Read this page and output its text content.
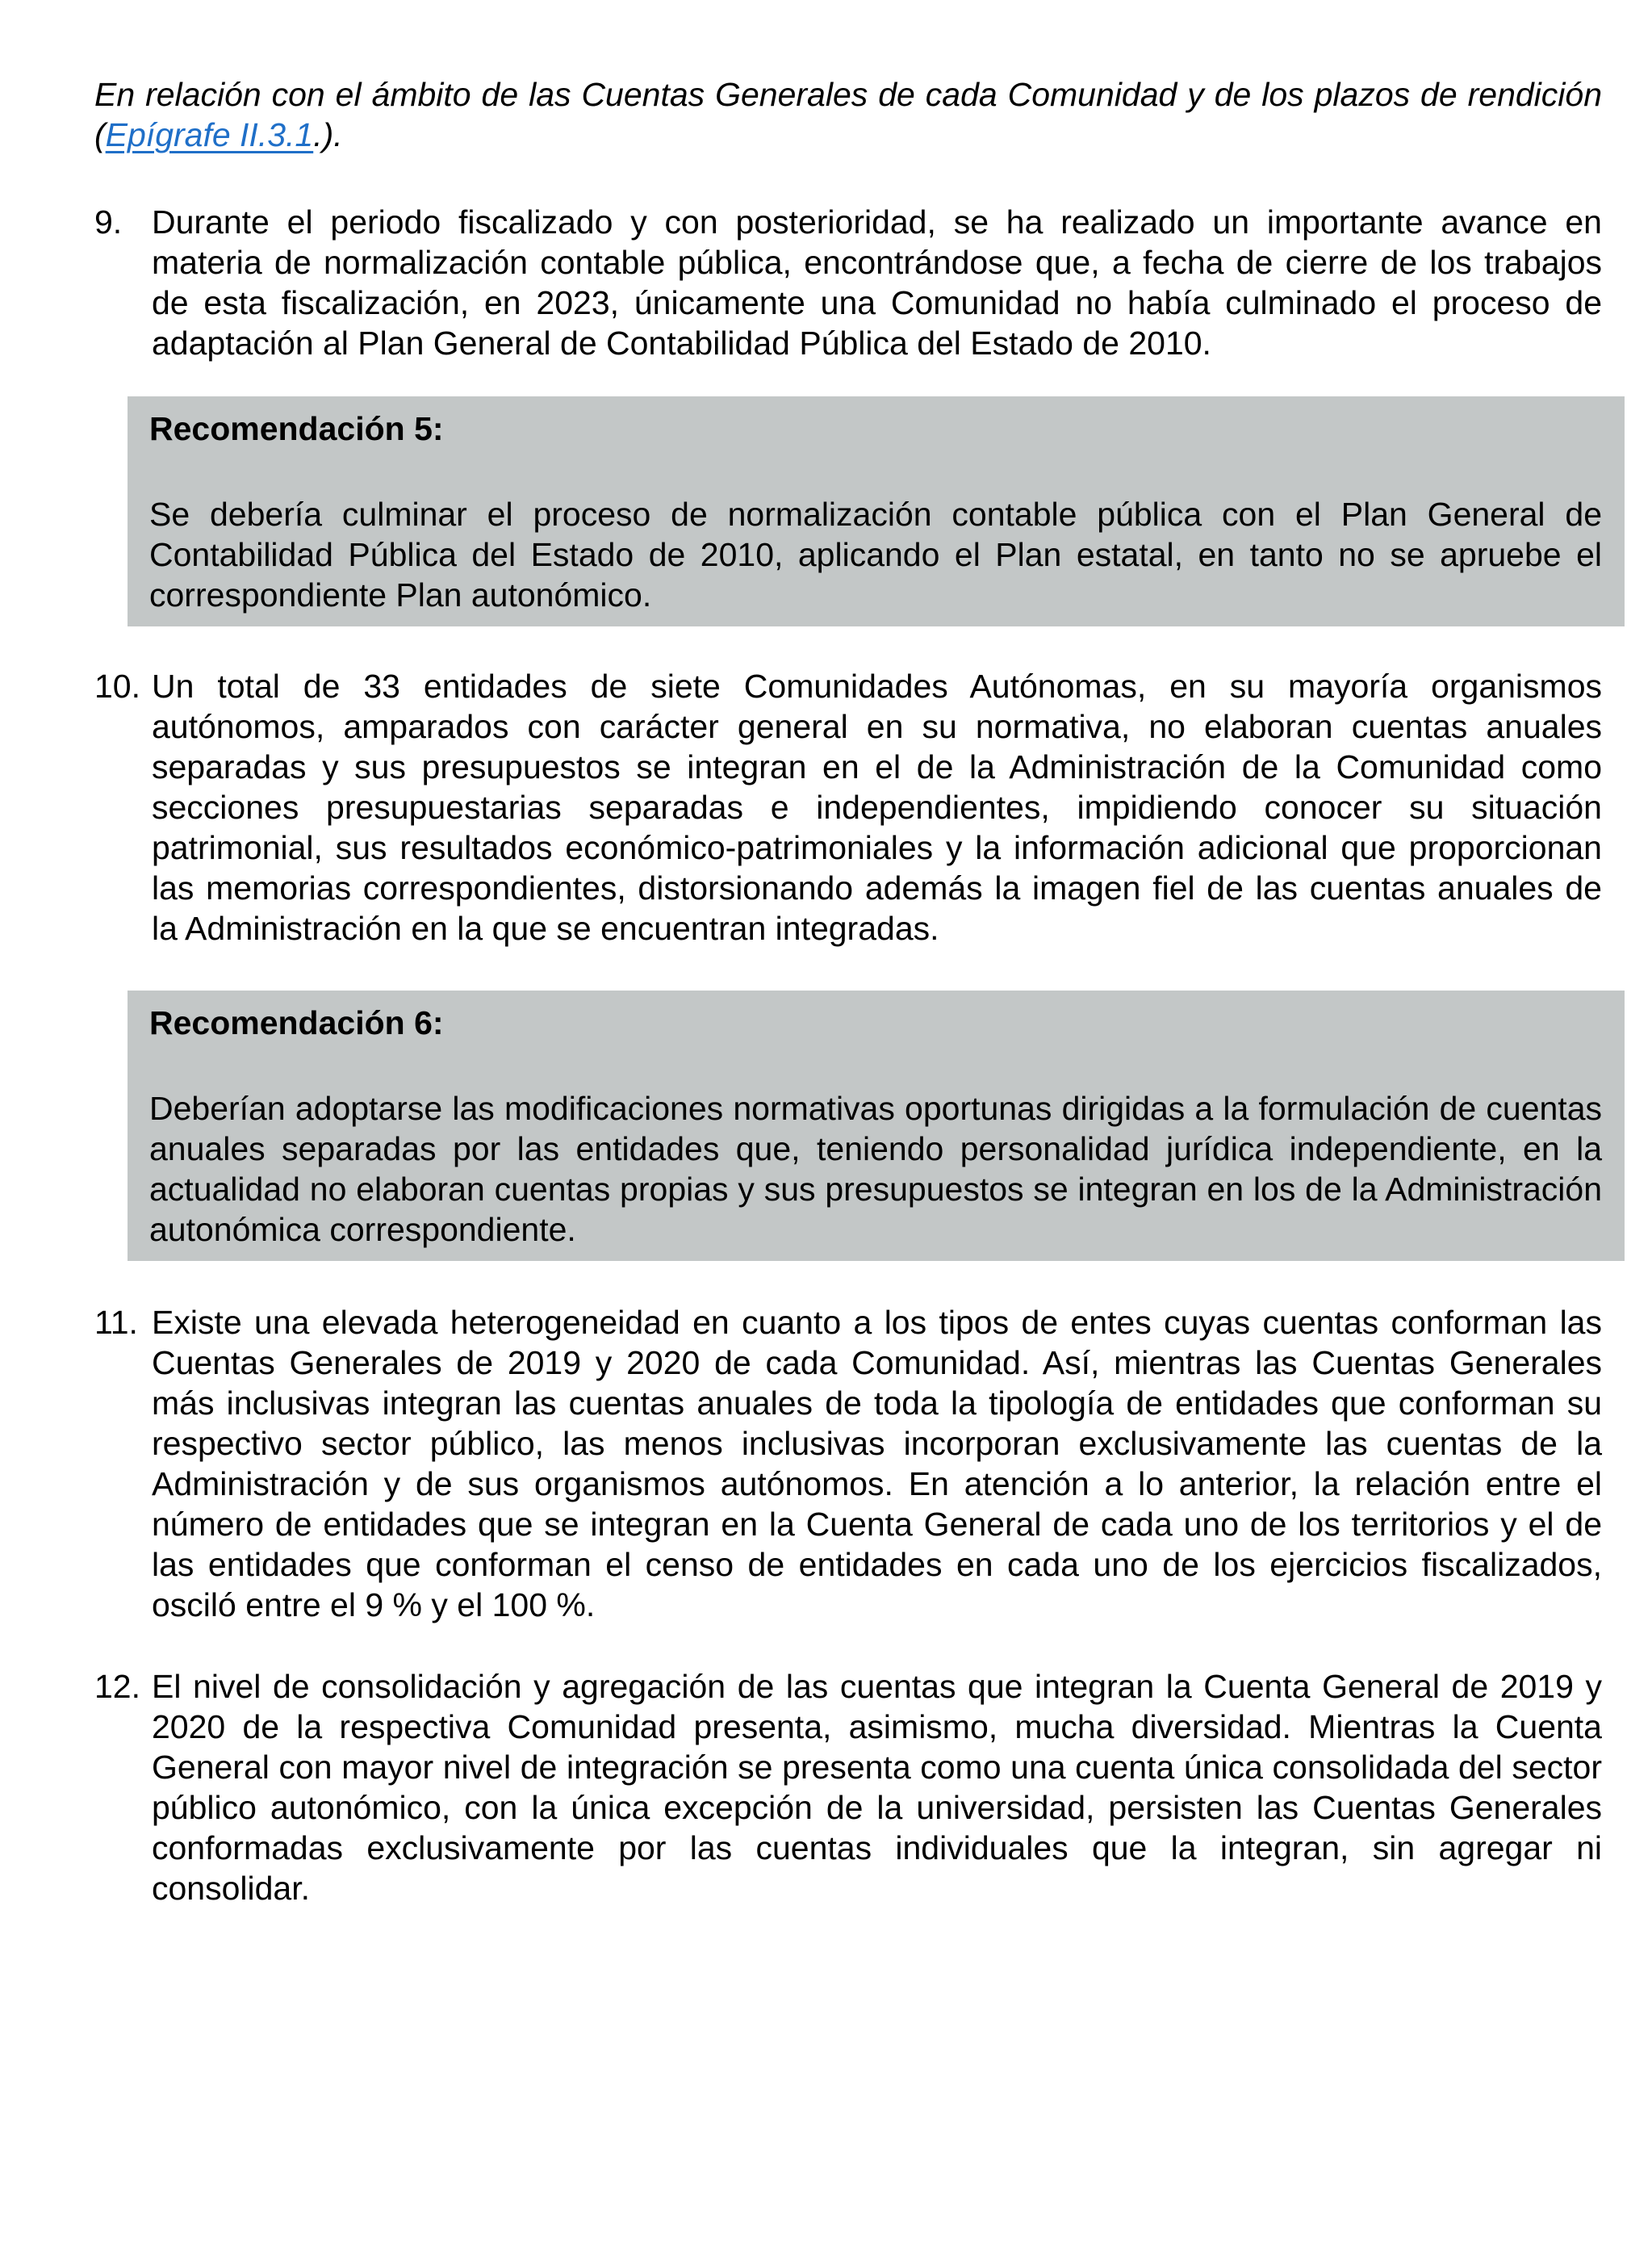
En relación con el ámbito de las Cuentas Generales de cada Comunidad y de los plazos de rendición (Epígrafe II.3.1.).

9. Durante el periodo fiscalizado y con posterioridad, se ha realizado un importante avance en materia de normalización contable pública, encontrándose que, a fecha de cierre de los trabajos de esta fiscalización, en 2023, únicamente una Comunidad no había culminado el proceso de adaptación al Plan General de Contabilidad Pública del Estado de 2010.
Recomendación 5:
Se debería culminar el proceso de normalización contable pública con el Plan General de Contabilidad Pública del Estado de 2010, aplicando el Plan estatal, en tanto no se apruebe el correspondiente Plan autonómico.
10. Un total de 33 entidades de siete Comunidades Autónomas, en su mayoría organismos autónomos, amparados con carácter general en su normativa, no elaboran cuentas anuales separadas y sus presupuestos se integran en el de la Administración de la Comunidad como secciones presupuestarias separadas e independientes, impidiendo conocer su situación patrimonial, sus resultados económico-patrimoniales y la información adicional que proporcionan las memorias correspondientes, distorsionando además la imagen fiel de las cuentas anuales de la Administración en la que se encuentran integradas.
Recomendación 6:
Deberían adoptarse las modificaciones normativas oportunas dirigidas a la formulación de cuentas anuales separadas por las entidades que, teniendo personalidad jurídica independiente, en la actualidad no elaboran cuentas propias y sus presupuestos se integran en los de la Administración autonómica correspondiente.
11. Existe una elevada heterogeneidad en cuanto a los tipos de entes cuyas cuentas conforman las Cuentas Generales de 2019 y 2020 de cada Comunidad. Así, mientras las Cuentas Generales más inclusivas integran las cuentas anuales de toda la tipología de entidades que conforman su respectivo sector público, las menos inclusivas incorporan exclusivamente las cuentas de la Administración y de sus organismos autónomos. En atención a lo anterior, la relación entre el número de entidades que se integran en la Cuenta General de cada uno de los territorios y el de las entidades que conforman el censo de entidades en cada uno de los ejercicios fiscalizados, osciló entre el 9 % y el 100 %.
12. El nivel de consolidación y agregación de las cuentas que integran la Cuenta General de 2019 y 2020 de la respectiva Comunidad presenta, asimismo, mucha diversidad. Mientras la Cuenta General con mayor nivel de integración se presenta como una cuenta única consolidada del sector público autonómico, con la única excepción de la universidad, persisten las Cuentas Generales conformadas exclusivamente por las cuentas individuales que la integran, sin agregar ni consolidar.
